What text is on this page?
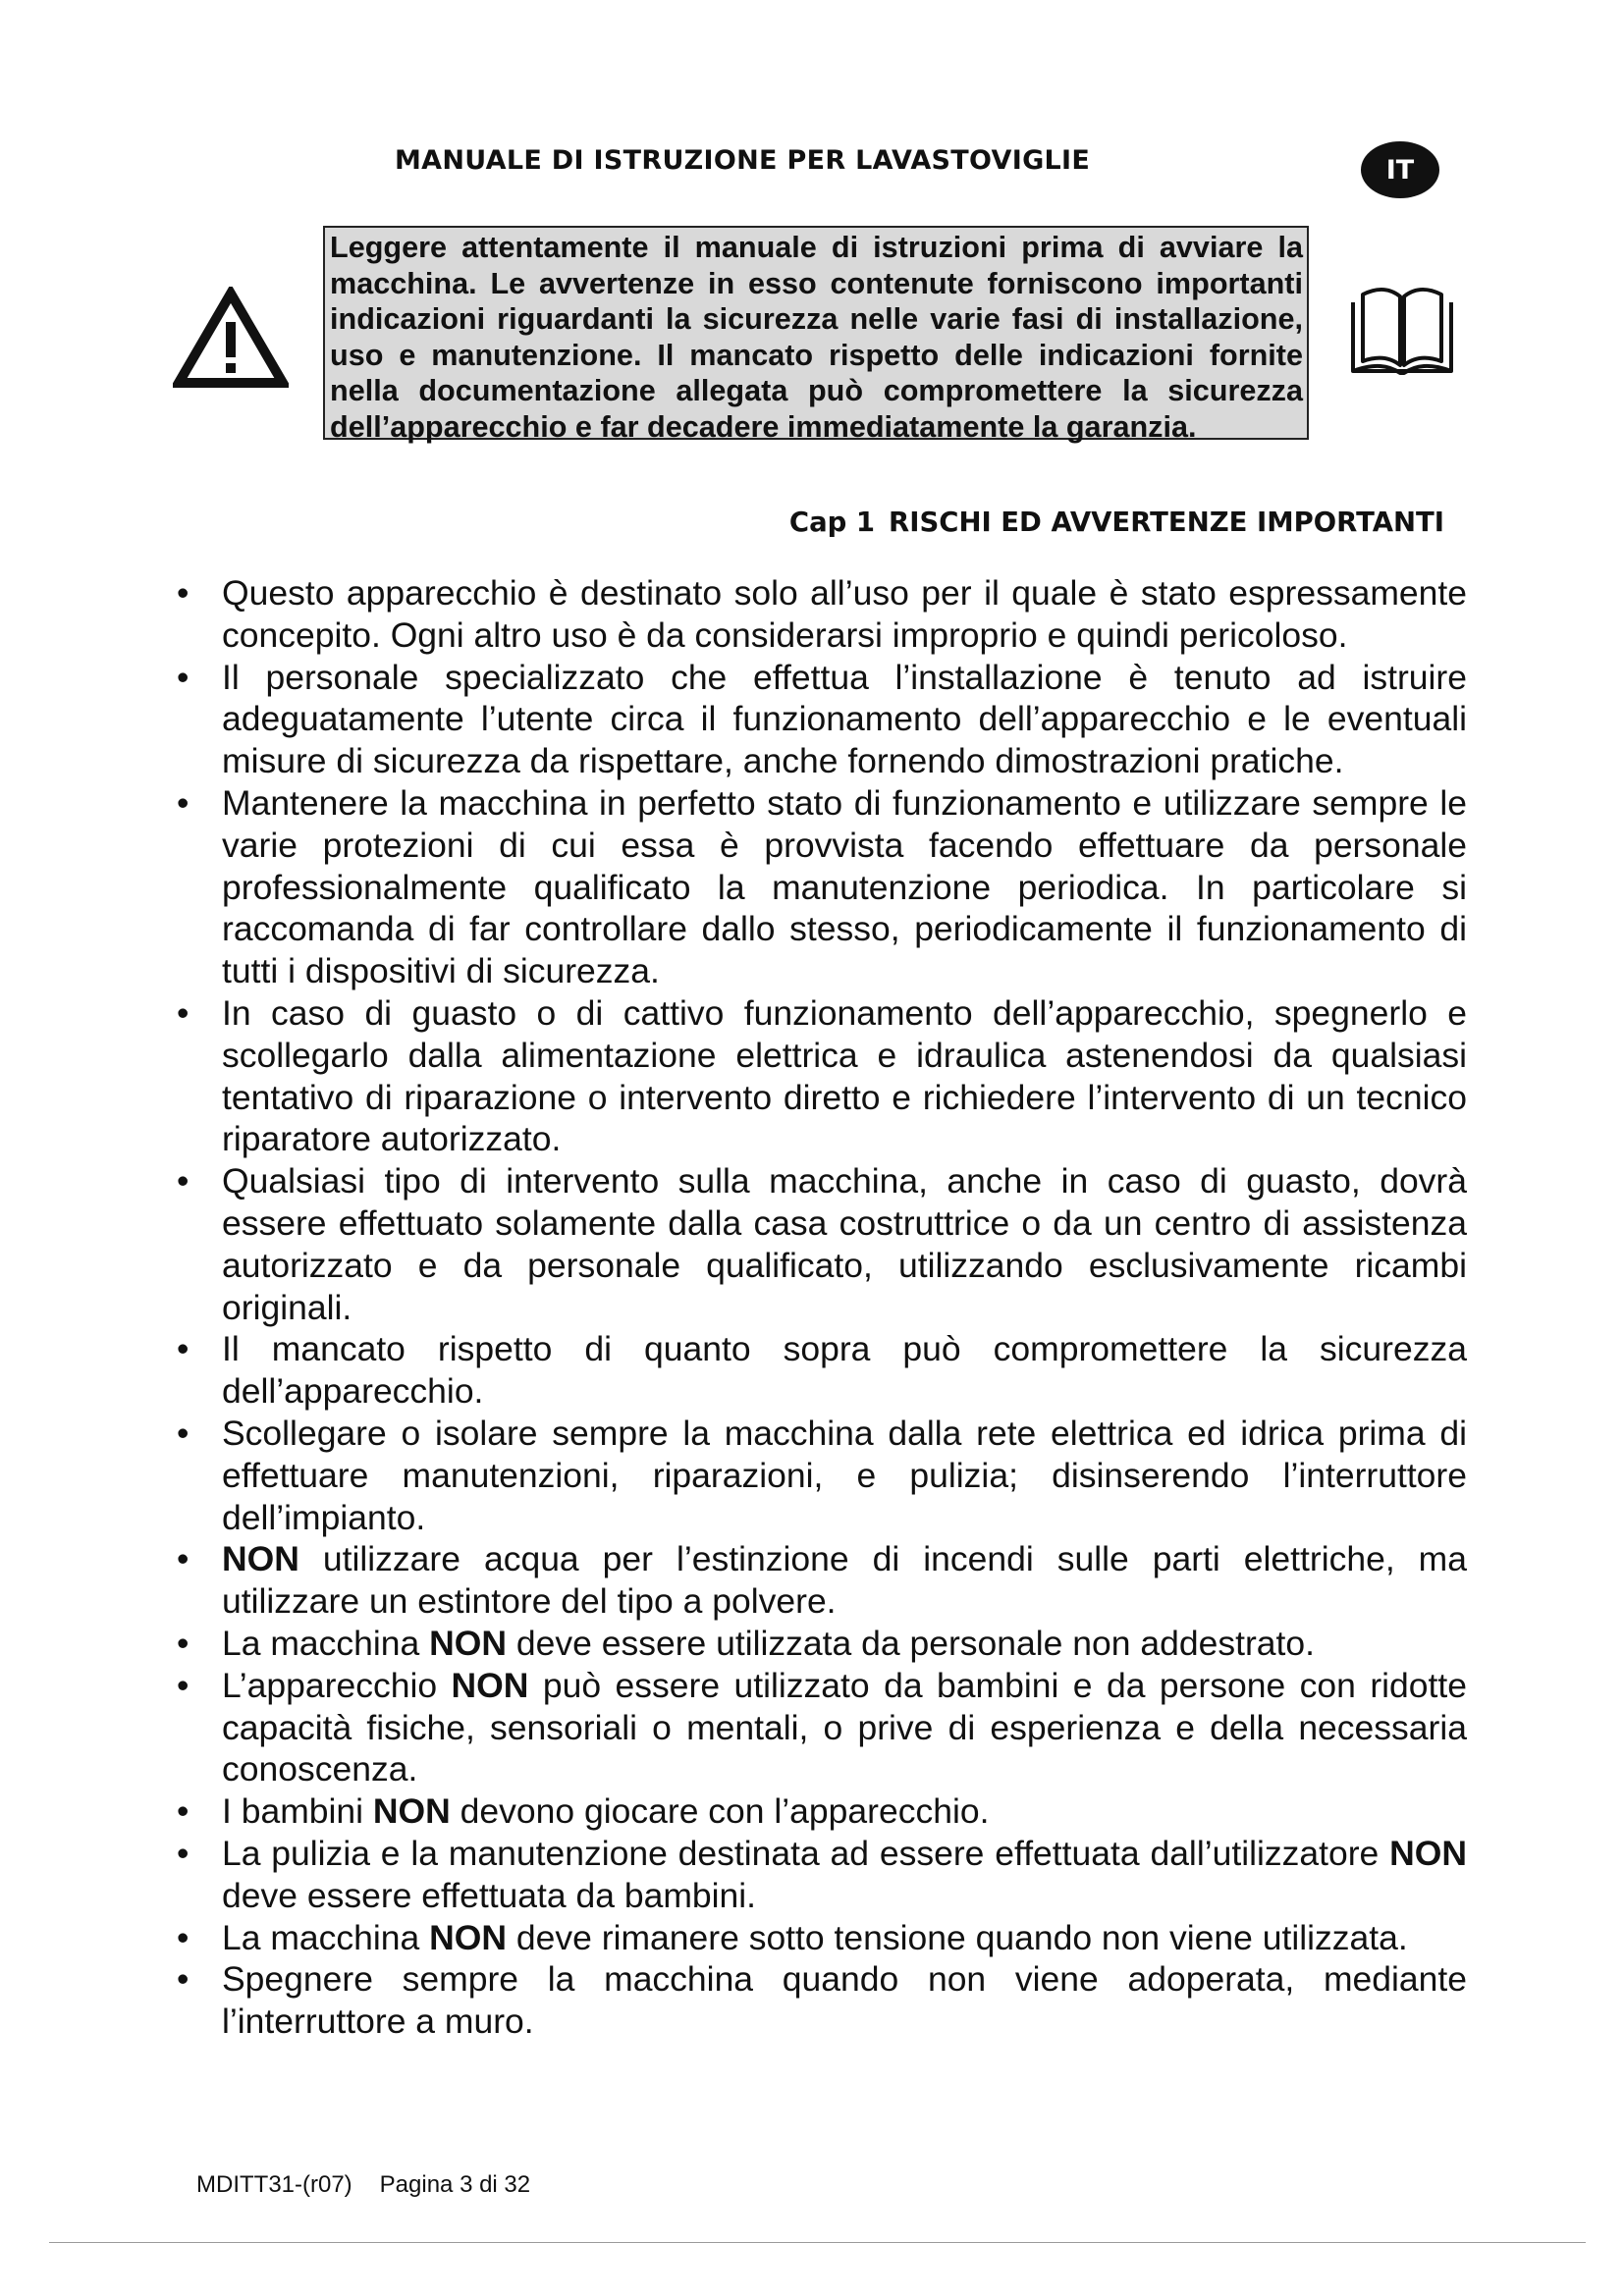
MANUALE DI ISTRUZIONE PER LAVASTOVIGLIE	IT
Leggere attentamente il manuale di istruzioni prima di avviare la macchina. Le avvertenze in esso contenute forniscono importanti indicazioni riguardanti la sicurezza nelle varie fasi di installazione, uso e manutenzione. Il mancato rispetto delle indicazioni fornite nella documentazione allegata può compromettere la sicurezza dell’apparecchio e far decadere immediatamente la garanzia.
Cap 1 RISCHI ED AVVERTENZE IMPORTANTI
• Questo apparecchio è destinato solo all’uso per il quale è stato espressamente concepito. Ogni altro uso è da considerarsi improprio e quindi pericoloso.
• Il personale specializzato che effettua l’installazione è tenuto ad istruire adeguatamente l’utente circa il funzionamento dell’apparecchio e le eventuali misure di sicurezza da rispettare, anche fornendo dimostrazioni pratiche.
• Mantenere la macchina in perfetto stato di funzionamento e utilizzare sempre le varie protezioni di cui essa è provvista facendo effettuare da personale professionalmente qualificato la manutenzione periodica. In particolare si raccomanda di far controllare dallo stesso, periodicamente il funzionamento di tutti i dispositivi di sicurezza.
• In caso di guasto o di cattivo funzionamento dell’apparecchio, spegnerlo e scollegarlo dalla alimentazione elettrica e idraulica astenendosi da qualsiasi tentativo di riparazione o intervento diretto e richiedere l’intervento di un tecnico riparatore autorizzato.
• Qualsiasi tipo di intervento sulla macchina, anche in caso di guasto, dovrà essere effettuato solamente dalla casa costruttrice o da un centro di assistenza autorizzato e da personale qualificato, utilizzando esclusivamente ricambi originali.
• Il mancato rispetto di quanto sopra può compromettere la sicurezza dell’apparecchio.
• Scollegare o isolare sempre la macchina dalla rete elettrica ed idrica prima di effettuare manutenzioni, riparazioni, e pulizia; disinserendo l’interruttore dell’impianto.
• NON utilizzare acqua per l’estinzione di incendi sulle parti elettriche, ma utilizzare un estintore del tipo a polvere.
• La macchina NON deve essere utilizzata da personale non addestrato.
• L’apparecchio NON può essere utilizzato da bambini e da persone con ridotte capacità fisiche, sensoriali o mentali, o prive di esperienza e della necessaria conoscenza.
• I bambini NON devono giocare con l’apparecchio.
• La pulizia e la manutenzione destinata ad essere effettuata dall’utilizzatore NON deve essere effettuata da bambini.
• La macchina NON deve rimanere sotto tensione quando non viene utilizzata.
• Spegnere sempre la macchina quando non viene adoperata, mediante l’interruttore a muro.
MDITT31-(r07) Pagina 3 di 32
